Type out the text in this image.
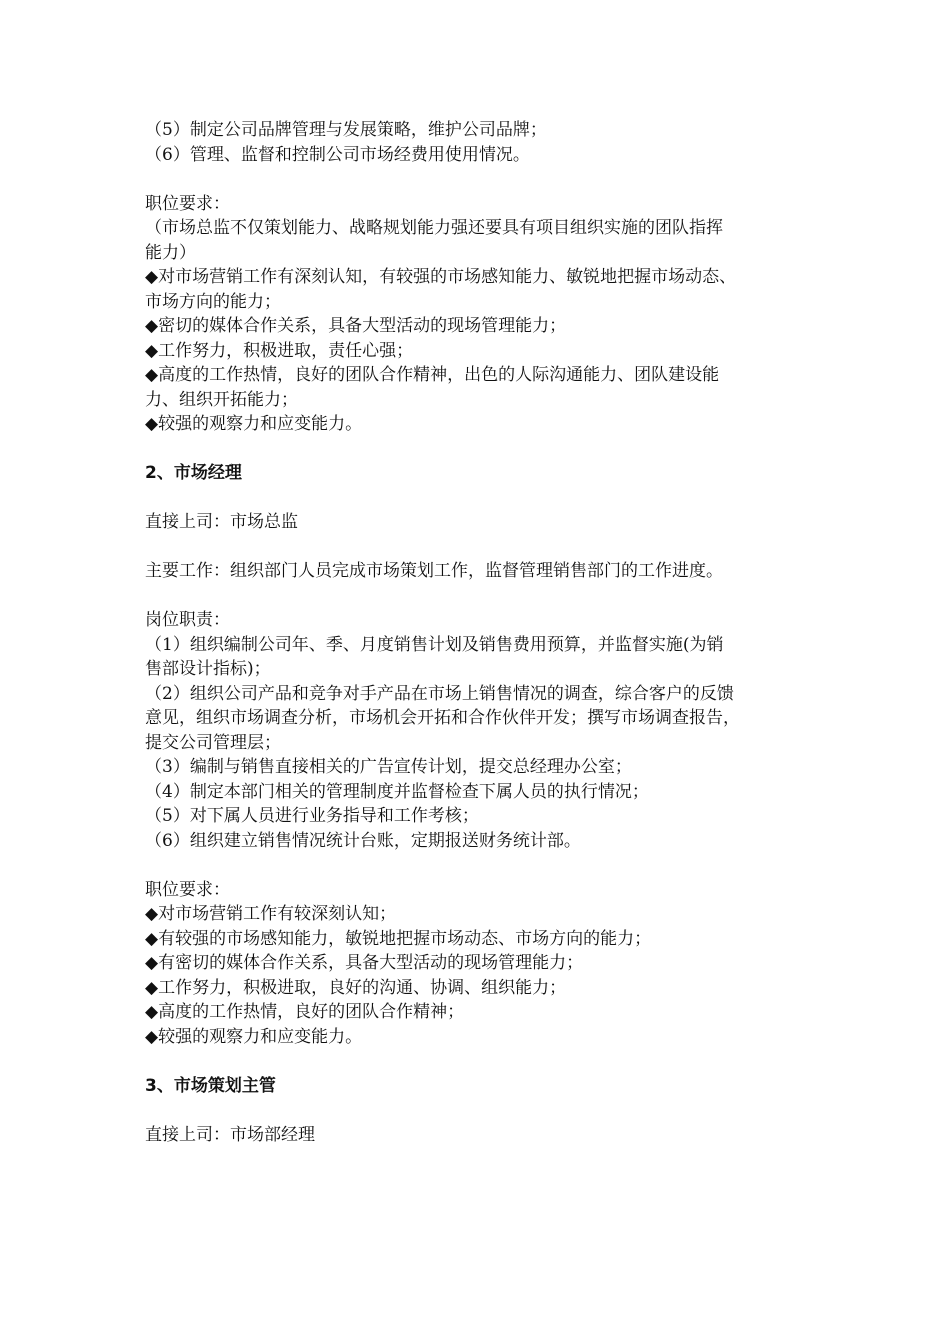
（5）制定公司品牌管理与发展策略，维护公司品牌；
（6）管理、监督和控制公司市场经费用使用情况。
职位要求：
（市场总监不仅策划能力、战略规划能力强还要具有项目组织实施的团队指挥
能力）
◆对市场营销工作有深刻认知，有较强的市场感知能力、敏锐地把握市场动态、
市场方向的能力；
◆密切的媒体合作关系，具备大型活动的现场管理能力；
◆工作努力，积极进取，责任心强；
◆高度的工作热情，良好的团队合作精神，出色的人际沟通能力、团队建设能
力、组织开拓能力；
◆较强的观察力和应变能力。
2、市场经理
直接上司：市场总监
主要工作：组织部门人员完成市场策划工作，监督管理销售部门的工作进度。
岗位职责：
（1）组织编制公司年、季、月度销售计划及销售费用预算，并监督实施(为销
售部设计指标)；
（2）组织公司产品和竞争对手产品在市场上销售情况的调查，综合客户的反馈
意见，组织市场调查分析，市场机会开拓和合作伙伴开发；撰写市场调查报告，
提交公司管理层；
（3）编制与销售直接相关的广告宣传计划，提交总经理办公室；
（4）制定本部门相关的管理制度并监督检查下属人员的执行情况；
（5）对下属人员进行业务指导和工作考核；
（6）组织建立销售情况统计台账，定期报送财务统计部。
职位要求：
◆对市场营销工作有较深刻认知；
◆有较强的市场感知能力，敏锐地把握市场动态、市场方向的能力；
◆有密切的媒体合作关系，具备大型活动的现场管理能力；
◆工作努力，积极进取，良好的沟通、协调、组织能力；
◆高度的工作热情，良好的团队合作精神；
◆较强的观察力和应变能力。
3、市场策划主管
直接上司：市场部经理
